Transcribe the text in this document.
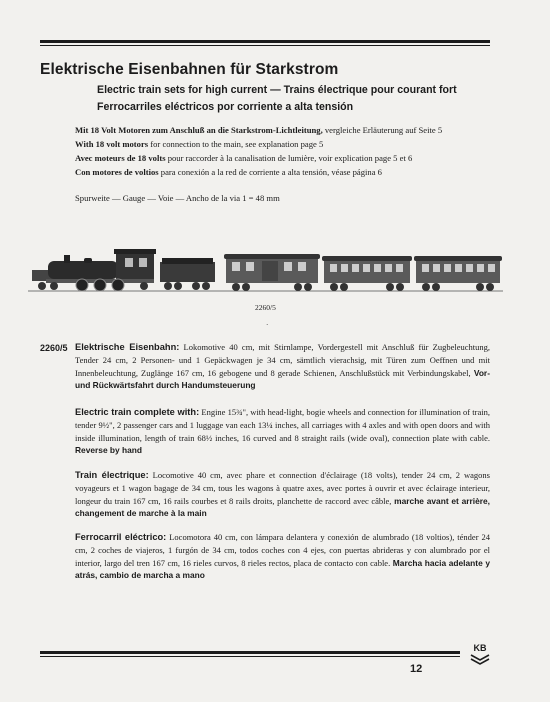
Elektrische Eisenbahnen für Starkstrom
Electric train sets for high current — Trains électrique pour courant fort
Ferrocarriles eléctricos por corriente a alta tensión
Mit 18 Volt Motoren zum Anschluß an die Starkstrom-Lichtleitung, vergleiche Erläuterung auf Seite 5
With 18 volt motors for connection to the main, see explanation page 5
Avec moteurs de 18 volts pour raccorder à la canalisation de lumière, voir explication page 5 et 6
Con motores de voltios para conexión a la red de corriente a alta tensión, véase página 6
Spurweite — Gauge — Voie — Ancho de la via 1 = 48 mm
2260/5
·
2260/5 Elektrische Eisenbahn: Lokomotive 40 cm, mit Stirnlampe, Vordergestell mit Anschluß für Zugbeleuchtung, Tender 24 cm, 2 Personen- und 1 Gepäckwagen je 34 cm, sämtlich vierachsig, mit Türen zum Oeffnen und mit Innenbeleuchtung, Zuglänge 167 cm, 16 gebogene und 8 gerade Schienen, Anschlußstück mit Verbindungskabel, Vor- und Rückwärtsfahrt durch Handumsteuerung
Electric train complete with: Engine 15¾", with head-light, bogie wheels and connection for illumination of train, tender 9½", 2 passenger cars and 1 luggage van each 13¼ inches, all carriages with 4 axles and with open doors and with inside illumination, length of train 68½ inches, 16 curved and 8 straight rails (wide oval), connection plate with cable. Reverse by hand
Train électrique: Locomotive 40 cm, avec phare et connection d'éclairage (18 volts), tender 24 cm, 2 wagons voyageurs et 1 wagon bagage de 34 cm, tous les wagons à quatre axes, avec portes à ouvrir et avec éclairage interieur, longeur du train 167 cm, 16 rails courbes et 8 rails droits, planchette de raccord avec câble, marche avant et arrière, changement de marche à la main
Ferrocarril eléctrico: Locomotora 40 cm, con lámpara delantera y conexión de alumbrado (18 voltios), ténder 24 cm, 2 coches de viajeros, 1 furgón de 34 cm, todos coches con 4 ejes, con puertas abrideras y con alumbrado por el interior, largo del tren 167 cm, 16 rieles curvos, 8 rieles rectos, placa de contacto con cable. Marcha hacia adelante y atrás, cambio de marcha a mano
12
KB
